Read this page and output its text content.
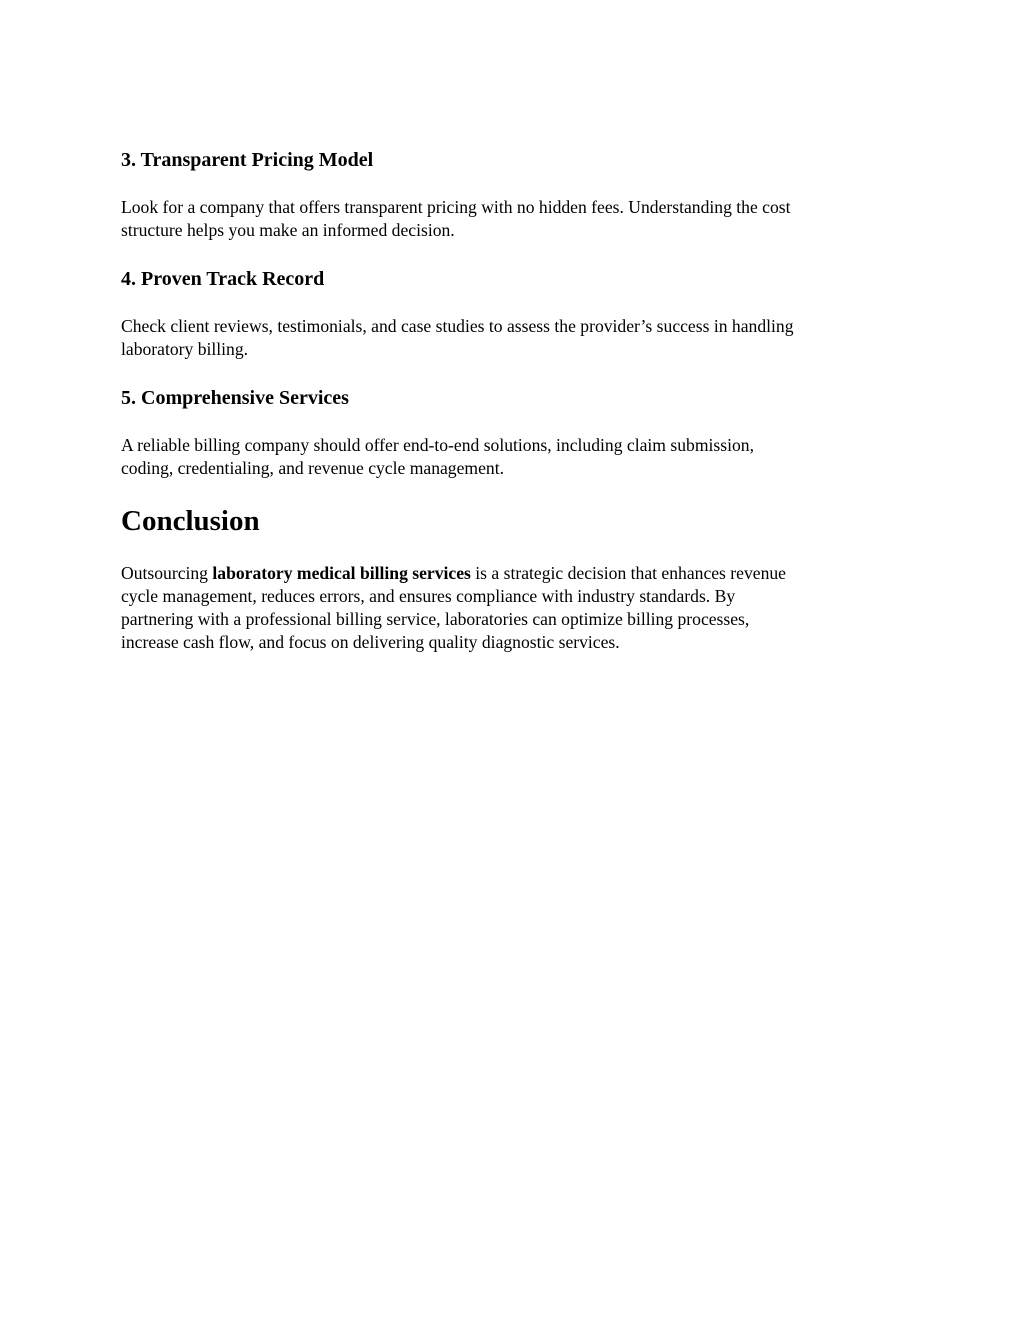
3. Transparent Pricing Model

Look for a company that offers transparent pricing with no hidden fees. Understanding the cost
structure helps you make an informed decision.

4. Proven Track Record

Check client reviews, testimonials, and case studies to assess the provider’s success in handling
laboratory billing.

5. Comprehensive Services

A reliable billing company should offer end-to-end solutions, including claim submission,
coding, credentialing, and revenue cycle management.

Conclusion

Outsourcing laboratory medical billing services is a strategic decision that enhances revenue
cycle management, reduces errors, and ensures compliance with industry standards. By
partnering with a professional billing service, laboratories can optimize billing processes,
increase cash flow, and focus on delivering quality diagnostic services.
